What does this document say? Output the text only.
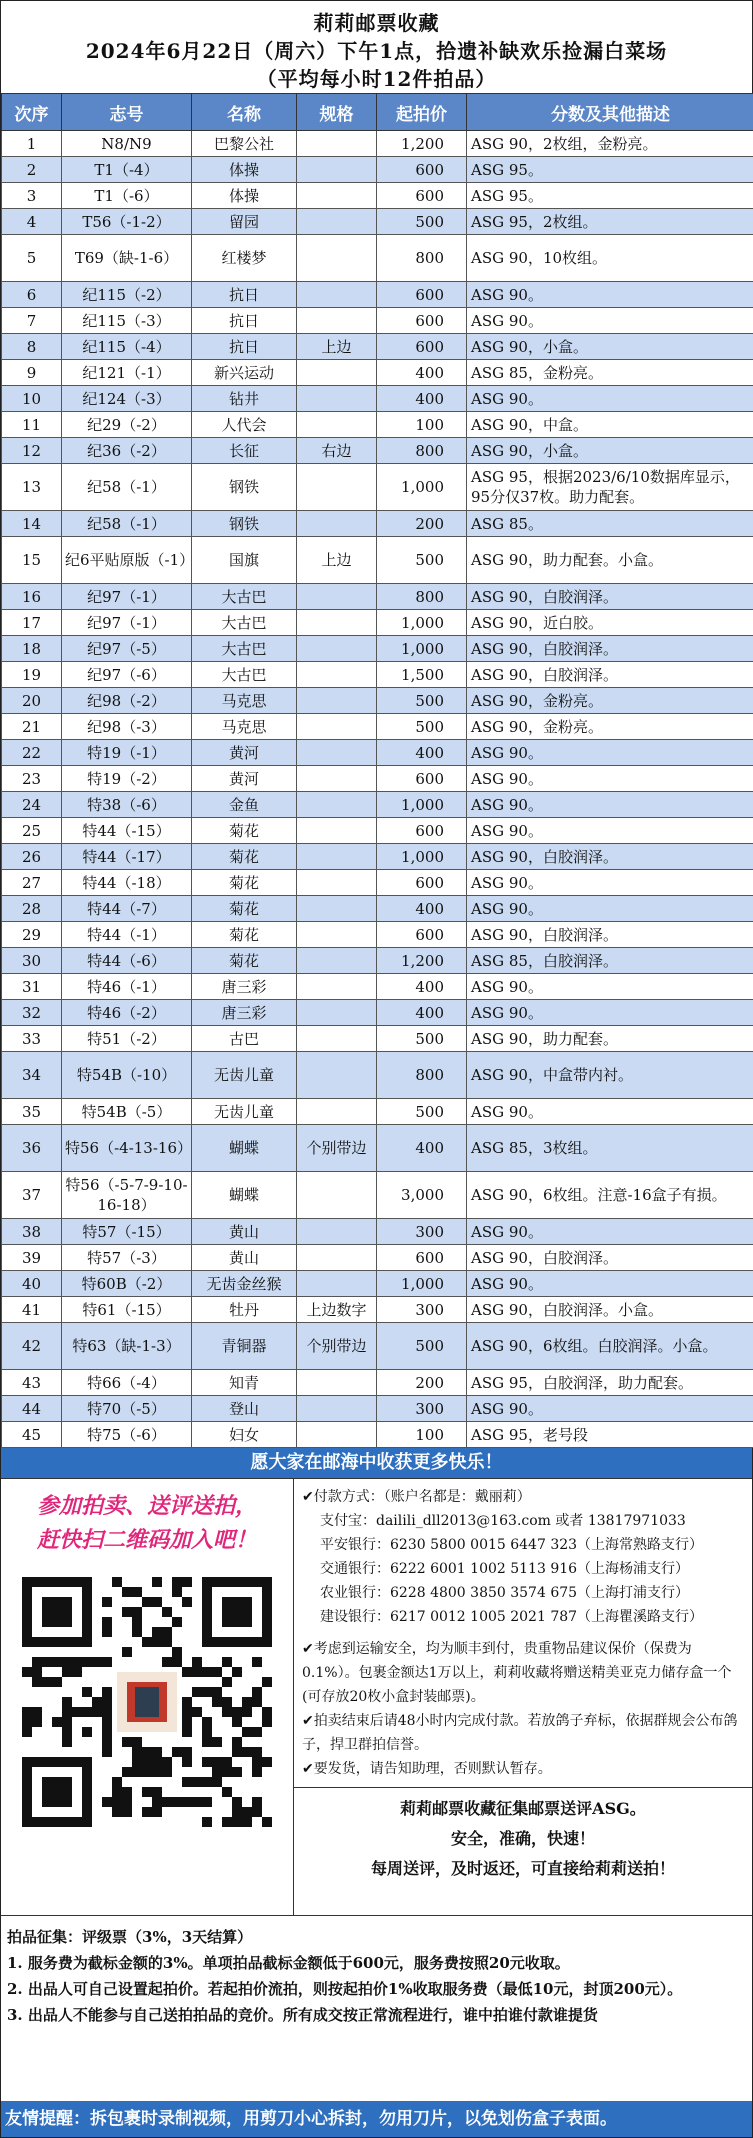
莉莉邮票收藏
2024年6月22日（周六）下午1点，拾遗补缺欢乐捡漏白菜场
（平均每小时12件拍品）
次序	志号	名称	规格	起拍价	分数及其他描述
1	N8/N9	巴黎公社		1,200	ASG 90，2枚组，金粉亮。
2	T1（-4）	体操		600	ASG 95。
3	T1（-6）	体操		600	ASG 95。
4	T56（-1-2）	留园		500	ASG 95，2枚组。
5	T69（缺-1-6）	红楼梦		800	ASG 90，10枚组。
6	纪115（-2）	抗日		600	ASG 90。
7	纪115（-3）	抗日		600	ASG 90。
8	纪115（-4）	抗日	上边	600	ASG 90，小盒。
9	纪121（-1）	新兴运动		400	ASG 85，金粉亮。
10	纪124（-3）	钻井		400	ASG 90。
11	纪29（-2）	人代会		100	ASG 90，中盒。
12	纪36（-2）	长征	右边	800	ASG 90，小盒。
13	纪58（-1）	钢铁		1,000	ASG 95，根据2023/6/10数据库显示，95分仅37枚。助力配套。
14	纪58（-1）	钢铁		200	ASG 85。
15	纪6平贴原版（-1）	国旗	上边	500	ASG 90，助力配套。小盒。
16	纪97（-1）	大古巴		800	ASG 90，白胶润泽。
17	纪97（-1）	大古巴		1,000	ASG 90，近白胶。
18	纪97（-5）	大古巴		1,000	ASG 90，白胶润泽。
19	纪97（-6）	大古巴		1,500	ASG 90，白胶润泽。
20	纪98（-2）	马克思		500	ASG 90，金粉亮。
21	纪98（-3）	马克思		500	ASG 90，金粉亮。
22	特19（-1）	黄河		400	ASG 90。
23	特19（-2）	黄河		600	ASG 90。
24	特38（-6）	金鱼		1,000	ASG 90。
25	特44（-15）	菊花		600	ASG 90。
26	特44（-17）	菊花		1,000	ASG 90，白胶润泽。
27	特44（-18）	菊花		600	ASG 90。
28	特44（-7）	菊花		400	ASG 90。
29	特44（-1）	菊花		600	ASG 90，白胶润泽。
30	特44（-6）	菊花		1,200	ASG 85，白胶润泽。
31	特46（-1）	唐三彩		400	ASG 90。
32	特46（-2）	唐三彩		400	ASG 90。
33	特51（-2）	古巴		500	ASG 90，助力配套。
34	特54B（-10）	无齿儿童		800	ASG 90，中盒带内衬。
35	特54B（-5）	无齿儿童		500	ASG 90。
36	特56（-4-13-16）	蝴蝶	个别带边	400	ASG 85，3枚组。
37	特56（-5-7-9-10-16-18）	蝴蝶		3,000	ASG 90，6枚组。注意-16盒子有损。
38	特57（-15）	黄山		300	ASG 90。
39	特57（-3）	黄山		600	ASG 90，白胶润泽。
40	特60B（-2）	无齿金丝猴		1,000	ASG 90。
41	特61（-15）	牡丹	上边数字	300	ASG 90，白胶润泽。小盒。
42	特63（缺-1-3）	青铜器	个别带边	500	ASG 90，6枚组。白胶润泽。小盒。
43	特66（-4）	知青		200	ASG 95，白胶润泽，助力配套。
44	特70（-5）	登山		300	ASG 90。
45	特75（-6）	妇女		100	ASG 95，老号段
愿大家在邮海中收获更多快乐！
参加拍卖、送评送拍，
赶快扫二维码加入吧！
✔付款方式：（账户名都是：戴丽莉）
支付宝：dailili_dll2013@163.com 或者 13817971033
平安银行：6230 5800 0015 6447 323（上海常熟路支行）
交通银行：6222 6001 1002 5113 916（上海杨浦支行）
农业银行：6228 4800 3850 3574 675（上海打浦支行）
建设银行：6217 0012 1005 2021 787（上海瞿溪路支行）
✔考虑到运输安全，均为顺丰到付，贵重物品建议保价（保费为0.1%）。包裹金额达1万以上，莉莉收藏将赠送精美亚克力储存盒一个(可存放20枚小盒封装邮票)。
✔拍卖结束后请48小时内完成付款。若放鸽子弃标，依据群规会公布鸽子，捍卫群拍信誉。
✔要发货，请告知助理，否则默认暂存。
莉莉邮票收藏征集邮票送评ASG。
安全，准确，快速！
每周送评，及时返还，可直接给莉莉送拍！
拍品征集：评级票（3%，3天结算）
1. 服务费为截标金额的3%。单项拍品截标金额低于600元，服务费按照20元收取。
2. 出品人可自己设置起拍价。若起拍价流拍，则按起拍价1%收取服务费（最低10元，封顶200元）。
3. 出品人不能参与自己送拍拍品的竞价。所有成交按正常流程进行，谁中拍谁付款谁提货
友情提醒：拆包裹时录制视频，用剪刀小心拆封，勿用刀片，以免划伤盒子表面。
